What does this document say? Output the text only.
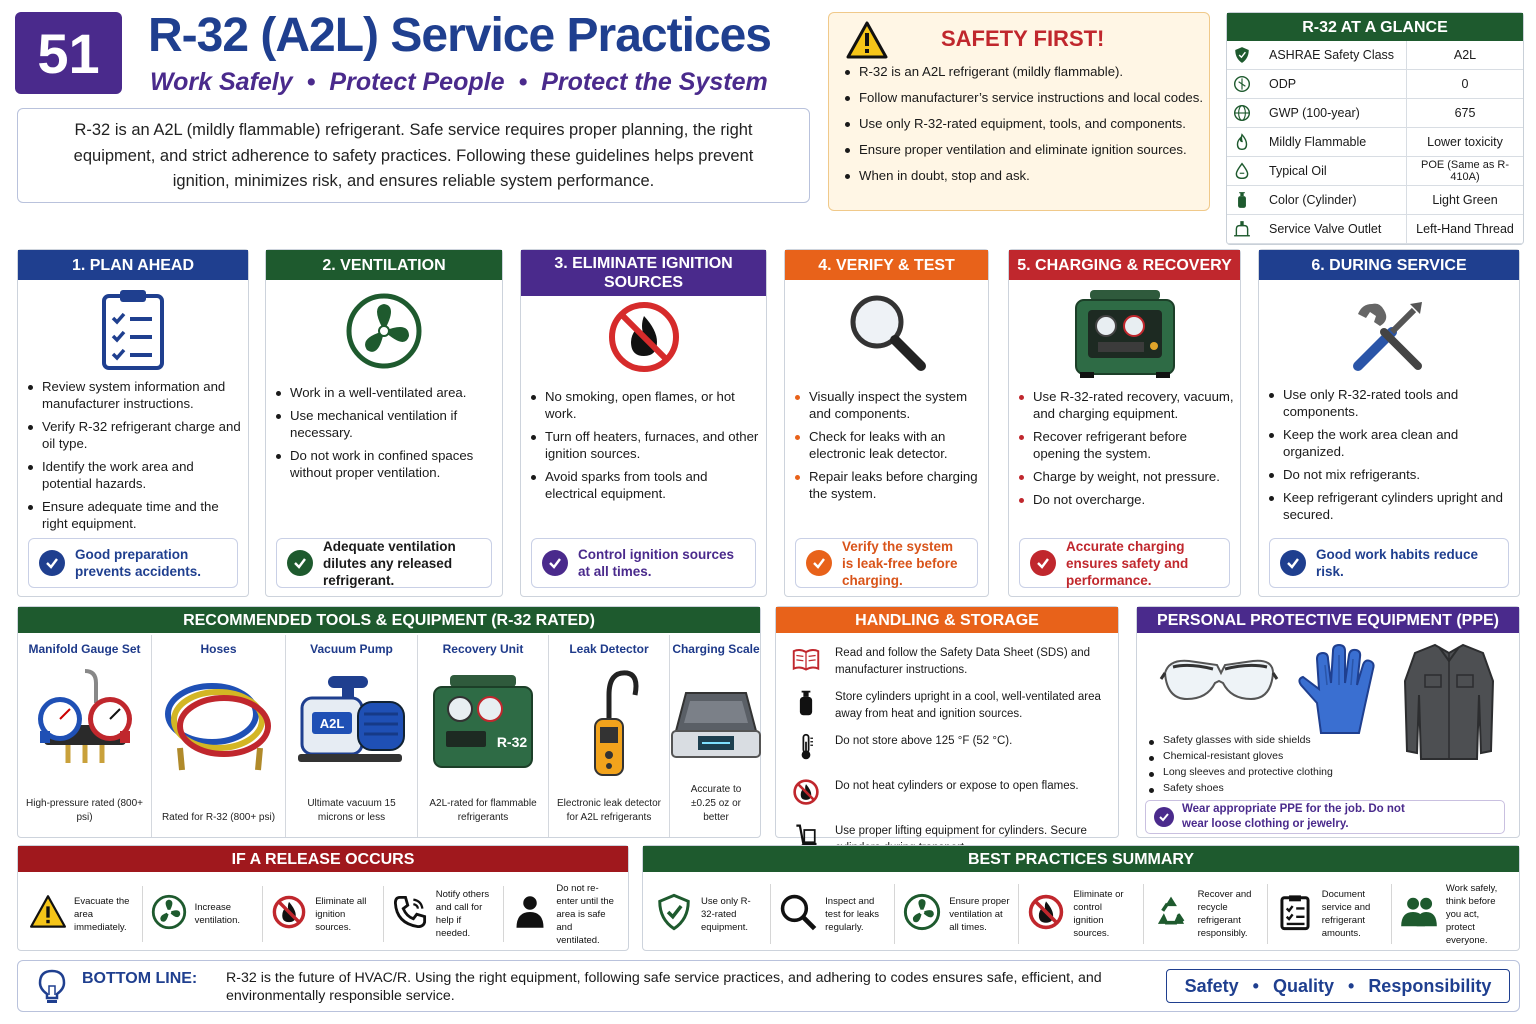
51	R-32 (A2L) Service Practices
Work Safely • Protect People • Protect the System
R-32 is an A2L (mildly flammable) refrigerant. Safe service requires proper planning, the right equipment, and strict adherence to safety practices. Following these guidelines helps prevent ignition, minimizes risk, and ensures reliable system performance.
SAFETY FIRST!
R-32 is an A2L refrigerant (mildly flammable).
Follow manufacturer’s service instructions and local codes.
Use only R-32-rated equipment, tools, and components.
Ensure proper ventilation and eliminate ignition sources.
When in doubt, stop and ask.
R-32 AT A GLANCE
ASHRAE Safety Class	A2L
ODP	0
GWP (100-year)	675
Mildly Flammable	Lower toxicity
Typical Oil	POE (Same as R-410A)
Color (Cylinder)	Light Green
Service Valve Outlet	Left-Hand Thread
1. PLAN AHEAD
Review system information and manufacturer instructions.
Verify R-32 refrigerant charge and oil type.
Identify the work area and potential hazards.
Ensure adequate time and the right equipment.
Good preparation prevents accidents.
2. VENTILATION
Work in a well-ventilated area.
Use mechanical ventilation if necessary.
Do not work in confined spaces without proper ventilation.
Adequate ventilation dilutes any released refrigerant.
3. ELIMINATE IGNITION SOURCES
No smoking, open flames, or hot work.
Turn off heaters, furnaces, and other ignition sources.
Avoid sparks from tools and electrical equipment.
Control ignition sources at all times.
4. VERIFY & TEST
Visually inspect the system and components.
Check for leaks with an electronic leak detector.
Repair leaks before charging the system.
Verify the system is leak-free before charging.
5. CHARGING & RECOVERY
Use R-32-rated recovery, vacuum, and charging equipment.
Recover refrigerant before opening the system.
Charge by weight, not pressure.
Do not overcharge.
Accurate charging ensures safety and performance.
6. DURING SERVICE
Use only R-32-rated tools and components.
Keep the work area clean and organized.
Do not mix refrigerants.
Keep refrigerant cylinders upright and secured.
Good work habits reduce risk.
RECOMMENDED TOOLS & EQUIPMENT (R-32 RATED)
Manifold Gauge Set
High-pressure rated (800+ psi)
Hoses
Rated for R-32 (800+ psi)
Vacuum Pump
A2L
Ultimate vacuum 15 microns or less
Recovery Unit
R-32
A2L-rated for flammable refrigerants
Leak Detector
Electronic leak detector for A2L refrigerants
Charging Scale
Accurate to ±0.25 oz or better
HANDLING & STORAGE
Read and follow the Safety Data Sheet (SDS) and manufacturer instructions.
Store cylinders upright in a cool, well-ventilated area away from heat and ignition sources.
Do not store above 125 °F (52 °C).
Do not heat cylinders or expose to open flames.
Use proper lifting equipment for cylinders. Secure
PERSONAL PROTECTIVE EQUIPMENT (PPE)
Safety glasses with side shields
Chemical-resistant gloves
Long sleeves and protective clothing
Safety shoes
Wear appropriate PPE for the job. Do not wear loose clothing or jewelry.
IF A RELEASE OCCURS
Evacuate the area immediately.
Increase ventilation.
Eliminate all ignition sources.
Notify others and call for help if needed.
Do not re-enter until the area is safe and ventilated.
BEST PRACTICES SUMMARY
Use only R-32-rated equipment.
Inspect and test for leaks regularly.
Ensure proper ventilation at all times.
Eliminate or control ignition sources.
Recover and recycle refrigerant responsibly.
Document service and refrigerant amounts.
Work safely, think before you act, protect everyone.
BOTTOM LINE: R-32 is the future of HVAC/R. Using the right equipment, following safe service practices, and adhering to codes ensures safe, efficient, and environmentally responsible service.
Safety • Quality • Responsibility
